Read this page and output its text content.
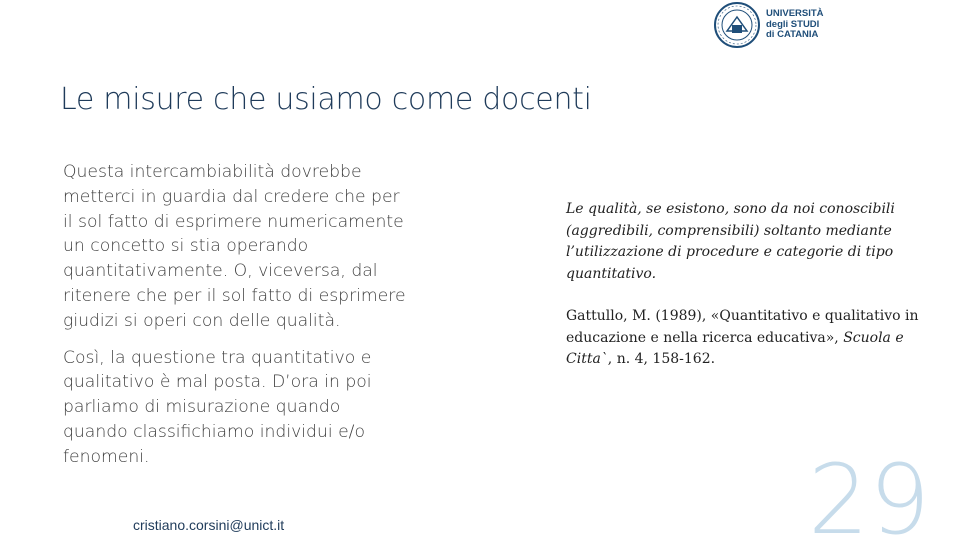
UNIVERSITÀ
degli STUDI
di CATANIA
Le misure che usiamo come docenti

Questa intercambiabilità dovrebbe metterci in guardia dal credere che per il sol fatto di esprimere numericamente un concetto si stia operando quantitativamente. O, viceversa, dal ritenere che per il sol fatto di esprimere giudizi si operi con delle qualità.

Così, la questione tra quantitativo e qualitativo è mal posta. D’ora in poi parliamo di misurazione quando quando classifichiamo individui e/o fenomeni.

Le qualità, se esistono, sono da noi conoscibili (aggredibili, comprensibili) soltanto mediante l’utilizzazione di procedure e categorie di tipo quantitativo.

Gattullo, M. (1989), «Quantitativo e qualitativo in educazione e nella ricerca educativa», Scuola e Citta`, n. 4, 158-162.

cristiano.corsini@unict.it	29
